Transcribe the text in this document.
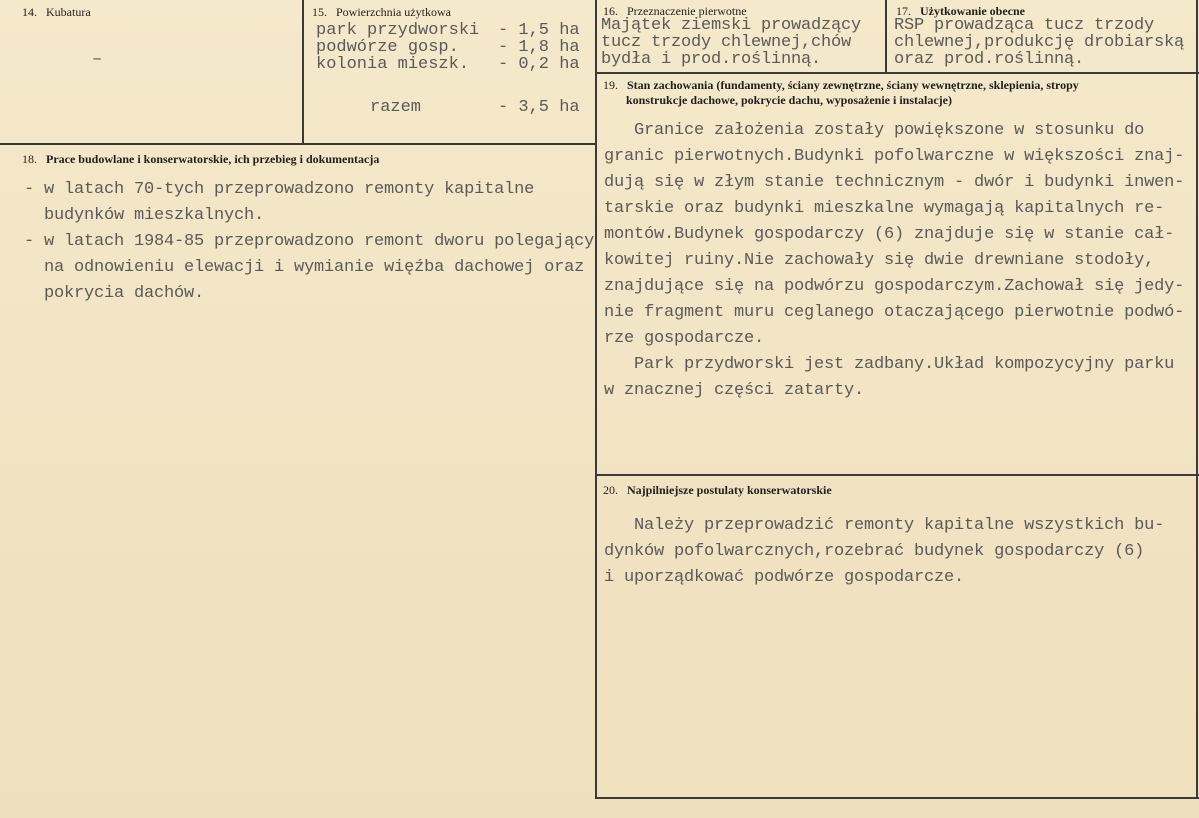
14. Kubatura
–
15. Powierzchnia użytkowa
park przydworski - 1,5 ha
podwórze gosp. - 1,8 ha
kolonia mieszk. - 0,2 ha
razem	- 3,5 ha
16. Przeznaczenie pierwotne
Majątek ziemski prowadzący
tucz trzody chlewnej,chów
bydła i prod.roślinną.
17. Użytkowanie obecne
RSP prowadząca tucz trzody
chlewnej,produkcję drobiarską
oraz prod.roślinną.
18. Prace budowlane i konserwatorskie, ich przebieg i dokumentacja
- w latach 70-tych przeprowadzono remonty kapitalne
budynków mieszkalnych.
- w latach 1984-85 przeprowadzono remont dworu polegający
na odnowieniu elewacji i wymianie więźba dachowej oraz
pokrycia dachów.
19. Stan zachowania (fundamenty, ściany zewnętrzne, ściany wewnętrzne, sklepienia, stropy
konstrukcje dachowe, pokrycie dachu, wyposażenie i instalacje)
Granice założenia zostały powiększone w stosunku do
granic pierwotnych.Budynki pofolwarczne w większości znaj-
dują się w złym stanie technicznym - dwór i budynki inwen-
tarskie oraz budynki mieszkalne wymagają kapitalnych re-
montów.Budynek gospodarczy (6) znajduje się w stanie cał-
kowitej ruiny.Nie zachowały się dwie drewniane stodoły,
znajdujące się na podwórzu gospodarczym.Zachował się jedy-
nie fragment muru ceglanego otaczającego pierwotnie podwó-
rze gospodarcze.
Park przydworski jest zadbany.Układ kompozycyjny parku
w znacznej części zatarty.
20. Najpilniejsze postulaty konserwatorskie
Należy przeprowadzić remonty kapitalne wszystkich bu-
dynków pofolwarcznych,rozebrać budynek gospodarczy (6)
i uporządkować podwórze gospodarcze.
